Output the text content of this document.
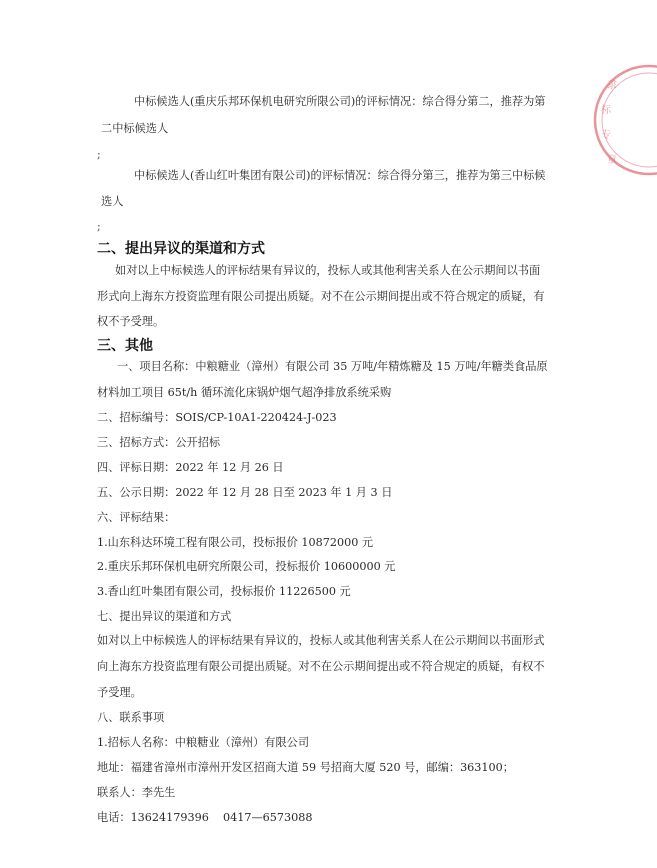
隶
标
专
章
中标候选人(重庆乐邦环保机电研究所限公司)的评标情况：综合得分第二，推荐为第
二中标候选人
;
中标候选人(香山红叶集团有限公司)的评标情况：综合得分第三，推荐为第三中标候
选人
;
二、提出异议的渠道和方式
如对以上中标候选人的评标结果有异议的，投标人或其他利害关系人在公示期间以书面
形式向上海东方投资监理有限公司提出质疑。对不在公示期间提出或不符合规定的质疑，有
权不予受理。
三、其他
一、项目名称：中粮糖业（漳州）有限公司 35 万吨/年精炼糖及 15 万吨/年糖类食品原
材料加工项目 65t/h 循环流化床锅炉烟气超净排放系统采购
二、招标编号：SOIS/CP-10A1-220424-J-023
三、招标方式：公开招标
四、评标日期：2022 年 12 月 26 日
五、公示日期：2022 年 12 月 28 日至 2023 年 1 月 3 日
六、评标结果：
1.山东科达环境工程有限公司，投标报价 10872000 元
2.重庆乐邦环保机电研究所限公司，投标报价 10600000 元
3.香山红叶集团有限公司，投标报价 11226500 元
七、提出异议的渠道和方式
如对以上中标候选人的评标结果有异议的，投标人或其他利害关系人在公示期间以书面形式
向上海东方投资监理有限公司提出质疑。对不在公示期间提出或不符合规定的质疑，有权不
予受理。
八、联系事项
1.招标人名称：中粮糖业（漳州）有限公司
地址：福建省漳州市漳州开发区招商大道 59 号招商大厦 520 号，邮编：363100；
联系人：李先生
电话：13624179396 0417—6573088
